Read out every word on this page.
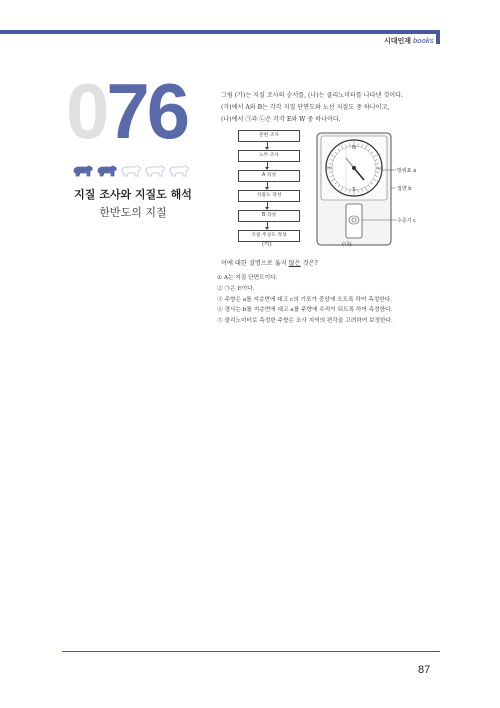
시대인재 books
076
지질 조사와 지질도 해석
한반도의 지질

그림 (가)는 지질 조사의 순서를, (나)는 클리노미터를 나타낸 것이다.

(가)에서 A와 B는 각각 지질 단면도와 노선 지질도 중 하나이고,

(나)에서 ㉠과 ㉡은 각각 E와 W 중 하나이다.

문헌 조사
노두 조사
A 작성
지질도 작성
B 작성
지질 주상도 작성
(가)
N
S
㉠	㉡	방위표 a
접면 b
수준기 c
(나)
이에 대한 설명으로 옳지 않은 것은?
① A는 지질 단면도이다.
② ㉠은 E이다.
③ 주향은 a를 지층면에 대고 c의 기포가 중앙에 오도록 하여 측정한다.
④ 경사는 b를 지층면에 대고 a를 주향에 수직이 되도록 하여 측정한다.
⑤ 클리노미터로 측정한 주향은 조사 지역의 편각을 고려하여 보정한다.
87
